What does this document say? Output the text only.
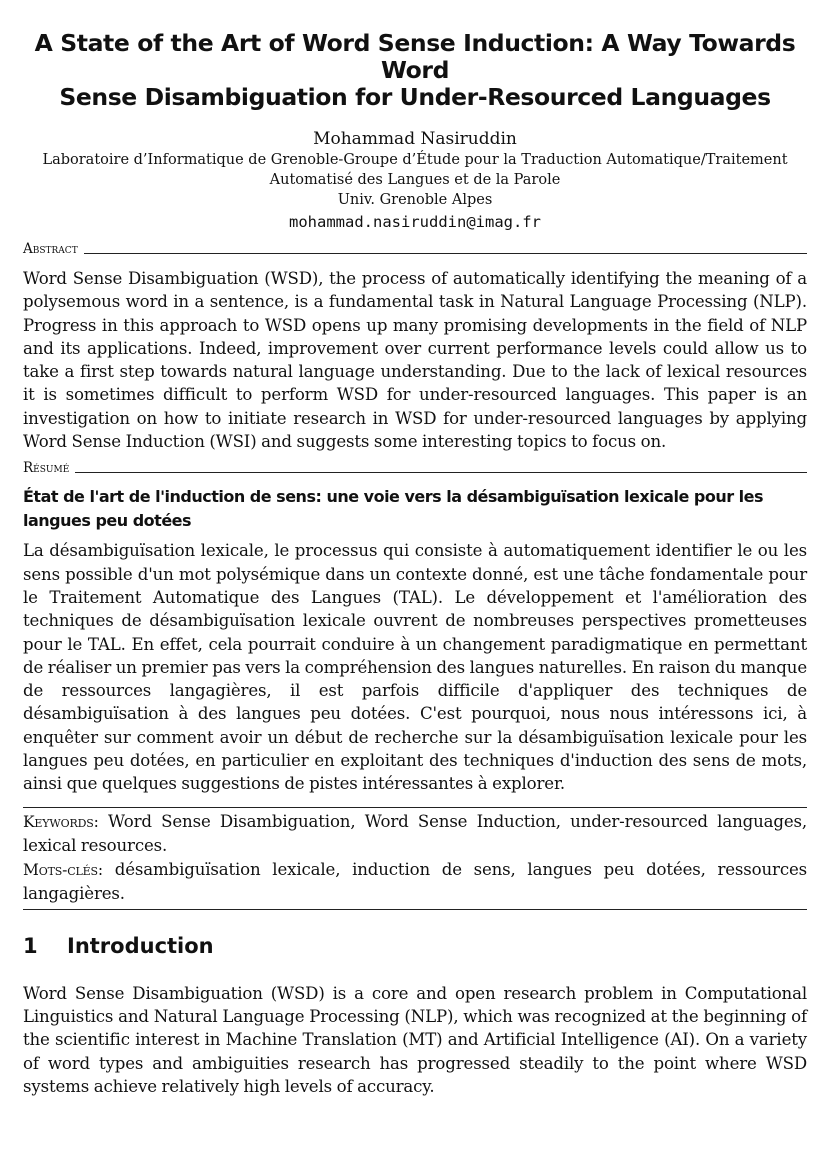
A State of the Art of Word Sense Induction: A Way Towards Word
Sense Disambiguation for Under-Resourced Languages
Mohammad Nasiruddin
Laboratoire d’Informatique de Grenoble-Groupe d’Étude pour la Traduction Automatique/Traitement
Automatisé des Langues et de la Parole
Univ. Grenoble Alpes
mohammad.nasiruddin@imag.fr
Abstract

Word Sense Disambiguation (WSD), the process of automatically identifying the meaning of a polysemous word in a sentence, is a fundamental task in Natural Language Processing (NLP). Progress in this approach to WSD opens up many promising developments in the field of NLP and its applications. Indeed, improvement over current performance levels could allow us to take a first step towards natural language understanding. Due to the lack of lexical resources it is sometimes difficult to perform WSD for under-resourced languages. This paper is an investigation on how to initiate research in WSD for under-resourced languages by applying Word Sense Induction (WSI) and suggests some interesting topics to focus on.

Résumé
État de l'art de l'induction de sens: une voie vers la désambiguïsation lexicale pour les langues peu dotées

La désambiguïsation lexicale, le processus qui consiste à automatiquement identifier le ou les sens possible d'un mot polysémique dans un contexte donné, est une tâche fondamentale pour le Traitement Automatique des Langues (TAL). Le développement et l'amélioration des techniques de désambiguïsation lexicale ouvrent de nombreuses perspectives prometteuses pour le TAL. En effet, cela pourrait conduire à un changement paradigmatique en permettant de réaliser un premier pas vers la compréhension des langues naturelles. En raison du manque de ressources langagières, il est parfois difficile d'appliquer des techniques de désambiguïsation à des langues peu dotées. C'est pourquoi, nous nous intéressons ici, à enquêter sur comment avoir un début de recherche sur la désambiguïsation lexicale pour les langues peu dotées, en particulier en exploitant des techniques d'induction des sens de mots, ainsi que quelques suggestions de pistes intéressantes à explorer.

Keywords: Word Sense Disambiguation, Word Sense Induction, under-resourced languages, lexical resources.

Mots-clés: désambiguïsation lexicale, induction de sens, langues peu dotées, ressources langagières.

1	Introduction

Word Sense Disambiguation (WSD) is a core and open research problem in Computational Linguistics and Natural Language Processing (NLP), which was recognized at the beginning of the scientific interest in Machine Translation (MT) and Artificial Intelligence (AI). On a variety of word types and ambiguities research has progressed steadily to the point where WSD systems achieve relatively high levels of accuracy.
